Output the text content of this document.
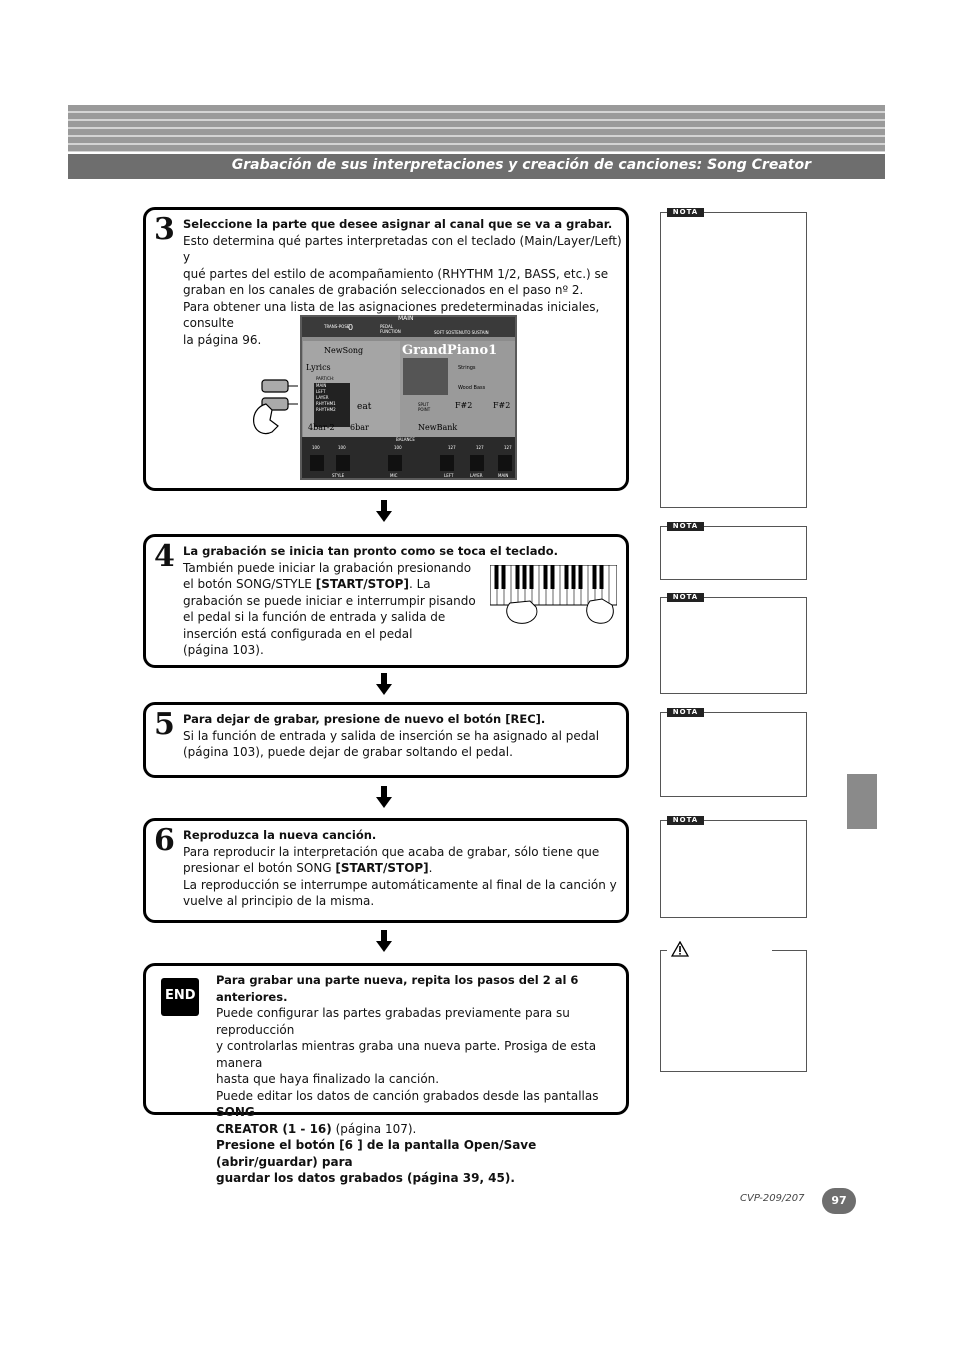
Grabación de sus interpretaciones y creación de canciones: Song Creator
3 Seleccione la parte que desee asignar al canal que se va a grabar.
Esto determina qué partes interpretadas con el teclado (Main/Layer/Left) y
qué partes del estilo de acompañamiento (RHYTHM 1/2, BASS, etc.) se
graban en los canales de grabación seleccionados en el paso nº 2.
Para obtener una lista de las asignaciones predeterminadas iniciales, consulte
la página 96.
MAIN
TRANS-POSE
0	PEDAL FUNCTION	SOFT SOSTENUTO SUSTAIN
NewSong
Lyrics
GrandPiano1
Strings
Wood Bass
PART/CH:
MAIN
LEFT
LAYER
RHYTHM1
RHYTHM2 eat	SPLIT POINT	F#2	F#2
4bar-2 6bar	NewBank
BALANCE
100	100	100	127	127	127
STYLE	MIC	LEFT	LAYER	MAIN
4 La grabación se inicia tan pronto como se toca el teclado.
También puede iniciar la grabación presionando
el botón SONG/STYLE [START/STOP]. La
grabación se puede iniciar e interrumpir pisando
el pedal si la función de entrada y salida de
inserción está configurada en el pedal
(página 103).
5 Para dejar de grabar, presione de nuevo el botón [REC].
Si la función de entrada y salida de inserción se ha asignado al pedal
(página 103), puede dejar de grabar soltando el pedal.
6 Reproduzca la nueva canción.
Para reproducir la interpretación que acaba de grabar, sólo tiene que
presionar el botón SONG [START/STOP].
La reproducción se interrumpe automáticamente al final de la canción y
vuelve al principio de la misma.
END
Para grabar una parte nueva, repita los pasos del 2 al 6 anteriores.
Puede configurar las partes grabadas previamente para su reproducción
y controlarlas mientras graba una nueva parte. Prosiga de esta manera
hasta que haya finalizado la canción.
Puede editar los datos de canción grabados desde las pantallas SONG
CREATOR (1 - 16) (página 107).
Presione el botón [6 ] de la pantalla Open/Save (abrir/guardar) para
guardar los datos grabados (página 39, 45).
NOTA
NOTA
NOTA
NOTA
NOTA
CVP-209/207	97
